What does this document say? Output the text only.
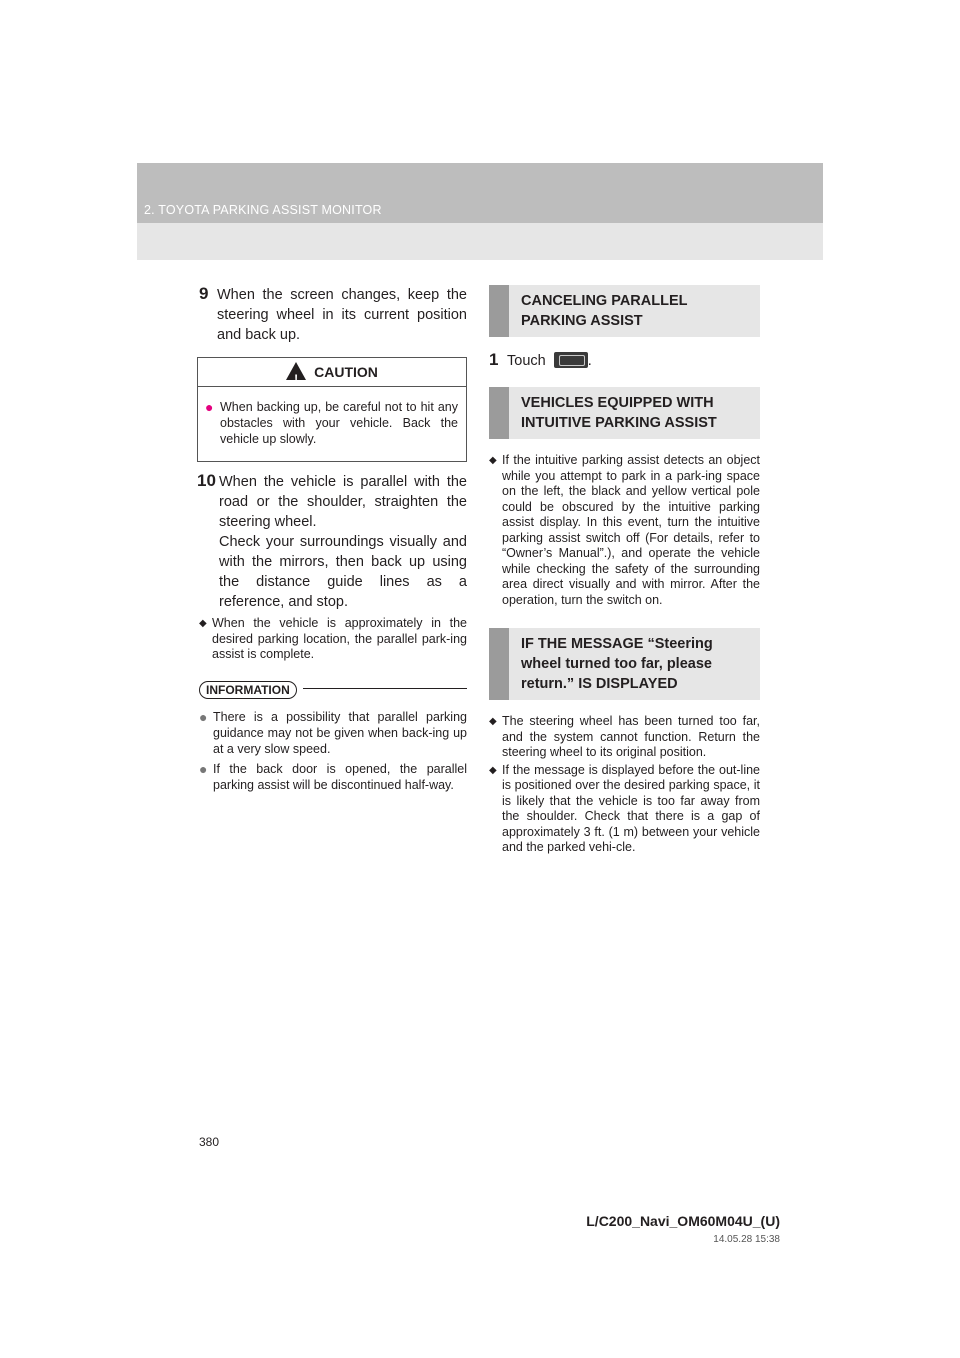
2. TOYOTA PARKING ASSIST MONITOR
9 When the screen changes, keep the steering wheel in its current position and back up.
!CAUTION
● When backing up, be careful not to hit any obstacles with your vehicle. Back the vehicle up slowly.
10 When the vehicle is parallel with the road or the shoulder, straighten the steering wheel.
Check your surroundings visually and with the mirrors, then back up using the distance guide lines as a reference, and stop.
◆ When the vehicle is approximately in the desired parking location, the parallel park-ing assist is complete.
INFORMATION
● There is a possibility that parallel parking guidance may not be given when back-ing up at a very slow speed.
● If the back door is opened, the parallel parking assist will be discontinued half-way.
CANCELING PARALLEL PARKING ASSIST
1 Touch	.
VEHICLES EQUIPPED WITH INTUITIVE PARKING ASSIST
◆ If the intuitive parking assist detects an object while you attempt to park in a park-ing space on the left, the black and yellow vertical pole could be obscured by the intuitive parking assist display. In this event, turn the intuitive parking assist switch off (For details, refer to “Owner’s Manual”.), and operate the vehicle while checking the safety of the surrounding area direct visually and with mirror. After the operation, turn the switch on.
IF THE MESSAGE “Steering wheel turned too far, please return.” IS DISPLAYED
◆ The steering wheel has been turned too far, and the system cannot function. Return the steering wheel to its original position.
◆ If the message is displayed before the out-line is positioned over the desired parking space, it is likely that the vehicle is too far away from the shoulder. Check that there is a gap of approximately 3 ft. (1 m) between your vehicle and the parked vehi-cle.
380
L/C200_Navi_OM60M04U_(U)
14.05.28 15:38
